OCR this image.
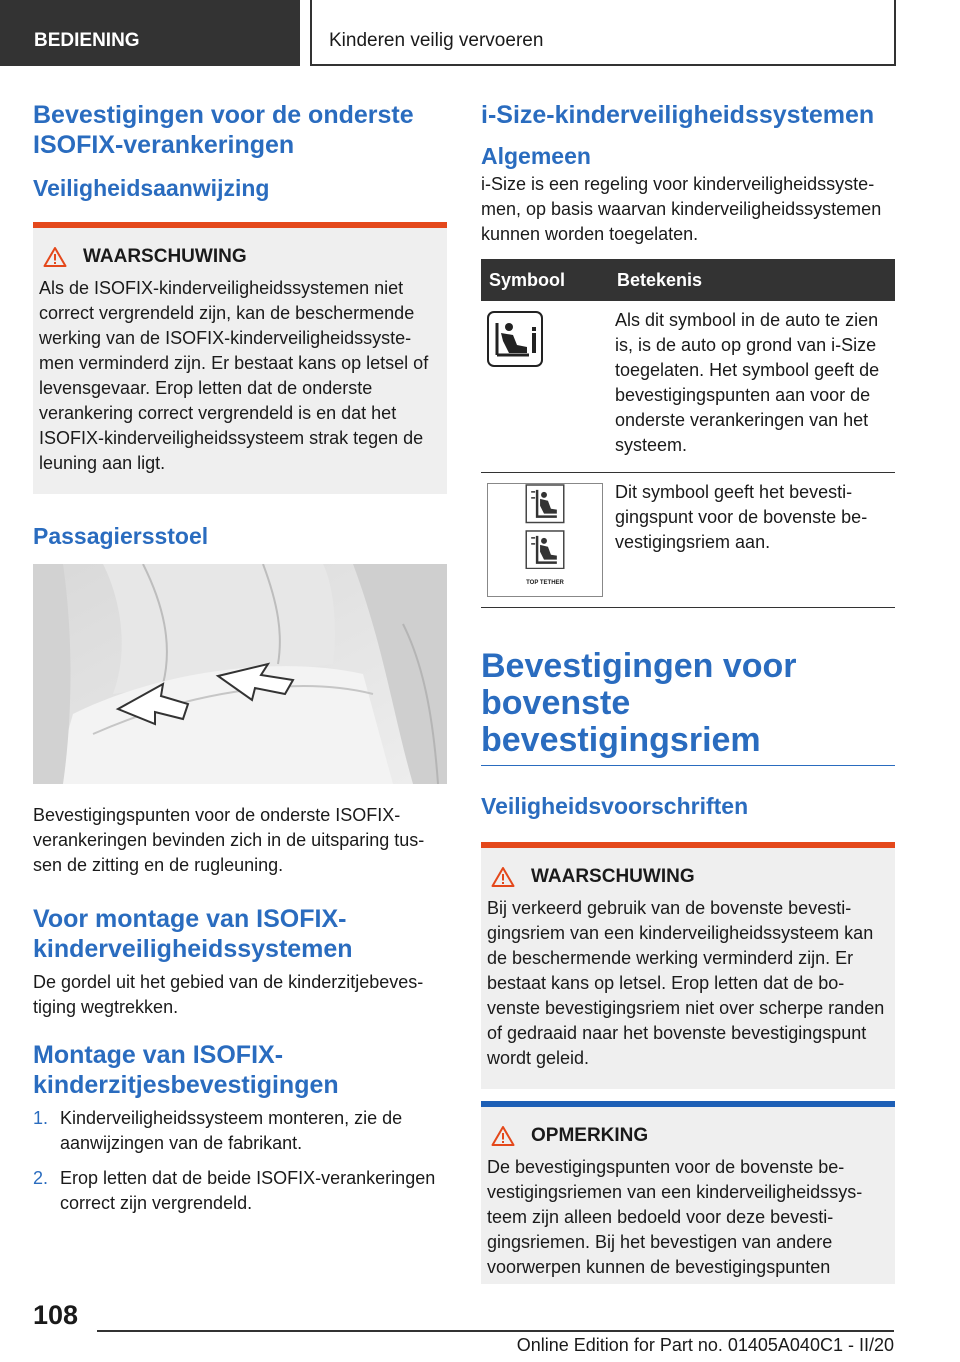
BEDIENING	Kinderen veilig vervoeren
Bevestigingen voor de onderste ISOFIX-verankeringen
Veiligheidsaanwijzing
WAARSCHUWING
Als de ISOFIX-kinderveiligheidssystemen niet correct vergrendeld zijn, kan de beschermende werking van de ISOFIX-kinderveiligheidssystemen verminderd zijn. Er bestaat kans op letsel of levensgevaar. Erop letten dat de onderste verankering correct vergrendeld is en dat het ISOFIX-kinderveiligheidssysteem strak tegen de leuning aan ligt.
Passagiersstoel
Bevestigingspunten voor de onderste ISOFIX-verankeringen bevinden zich in de uitsparing tussen de zitting en de rugleuning.
Voor montage van ISOFIX-kinderveiligheidssystemen
De gordel uit het gebied van de kinderzitjebevestiging wegtrekken.
Montage van ISOFIX-kinderzitjesbevestigingen
1. Kinderveiligheidssysteem monteren, zie de aanwijzingen van de fabrikant.
2. Erop letten dat de beide ISOFIX-verankeringen correct zijn vergrendeld.
i-Size-kinderveiligheidssystemen
Algemeen
i-Size is een regeling voor kinderveiligheidssystemen, op basis waarvan kinderveiligheidssystemen kunnen worden toegelaten.
Symbool	Betekenis
	Als dit symbool in de auto te zien is, is de auto op grond van i-Size toegelaten. Het symbool geeft de bevestigingspunten aan voor de onderste verankeringen van het systeem.

TOP TETHER	Dit symbool geeft het bevestigingspunt voor de bovenste bevestigingsriem aan.
Bevestigingen voor bovenste bevestigingsriem
Veiligheidsvoorschriften
WAARSCHUWING
Bij verkeerd gebruik van de bovenste bevestigingsriem van een kinderveiligheidssysteem kan de beschermende werking verminderd zijn. Er bestaat kans op letsel. Erop letten dat de bovenste bevestigingsriem niet over scherpe randen of gedraaid naar het bovenste bevestigingspunt wordt geleid.
OPMERKING
De bevestigingspunten voor de bovenste bevestigingsriemen van een kinderveiligheidssysteem zijn alleen bedoeld voor deze bevestigingsriemen. Bij het bevestigen van andere voorwerpen kunnen de bevestigingspunten
108
Online Edition for Part no. 01405A040C1 - II/20
